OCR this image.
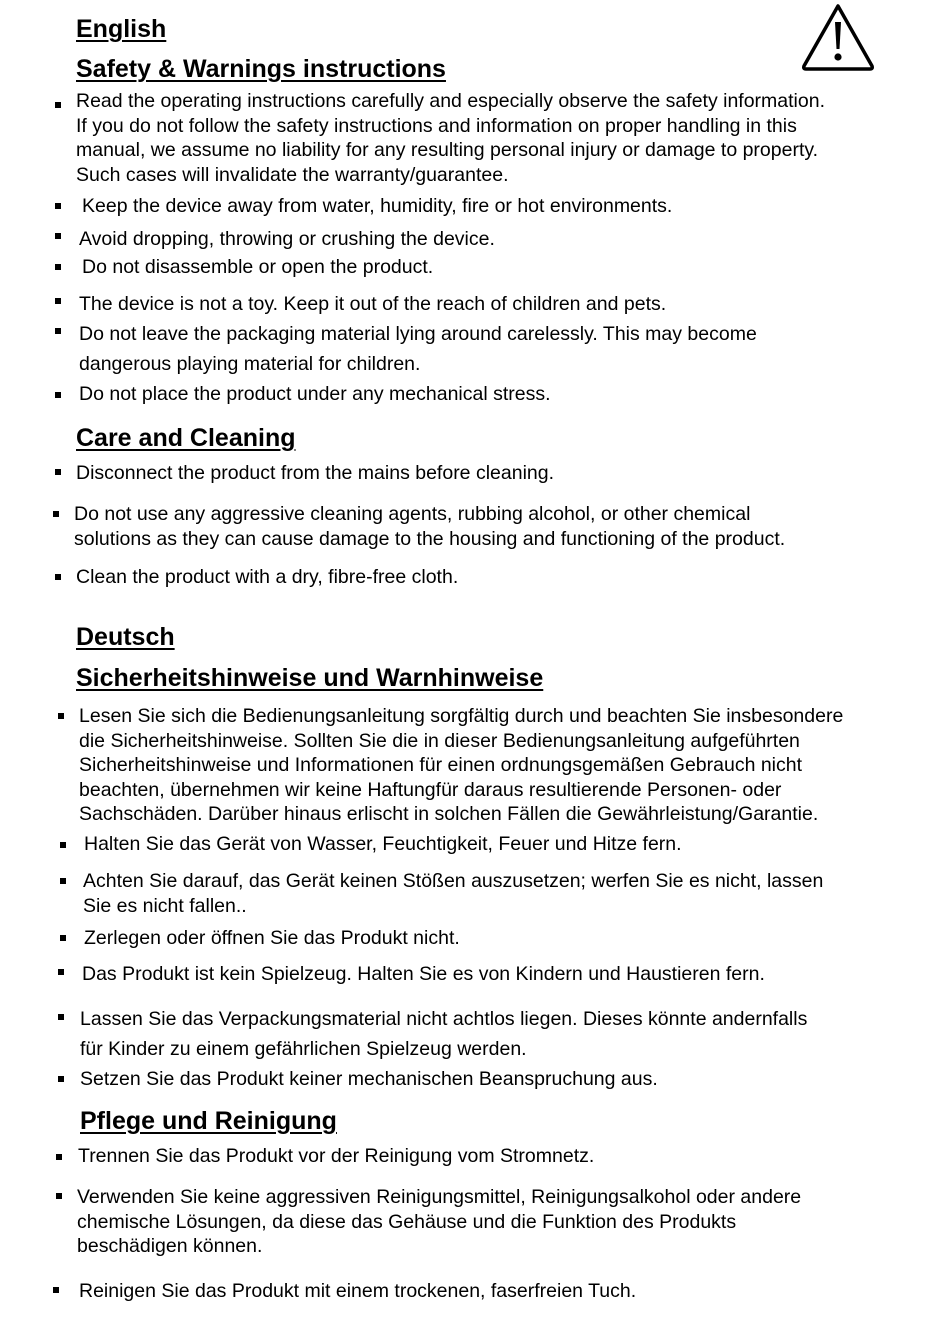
English
Safety & Warnings instructions

Read the operating instructions carefully and especially observe the safety information.
If you do not follow the safety instructions and information on proper handling in this
manual, we assume no liability for any resulting personal injury or damage to property.
Such cases will invalidate the warranty/guarantee.

Keep the device away from water, humidity, fire or hot environments.

Avoid dropping, throwing or crushing the device.

Do not disassemble or open the product.

The device is not a toy. Keep it out of the reach of children and pets.

Do not leave the packaging material lying around carelessly. This may become
dangerous playing material for children.

Do not place the product under any mechanical stress.

Care and Cleaning

Disconnect the product from the mains before cleaning.

Do not use any aggressive cleaning agents, rubbing alcohol, or other chemical
solutions as they can cause damage to the housing and functioning of the product.

Clean the product with a dry, fibre-free cloth.

Deutsch
Sicherheitshinweise und Warnhinweise

Lesen Sie sich die Bedienungsanleitung sorgfältig durch und beachten Sie insbesondere
die Sicherheitshinweise. Sollten Sie die in dieser Bedienungsanleitung aufgeführten
Sicherheitshinweise und Informationen für einen ordnungsgemäßen Gebrauch nicht
beachten, übernehmen wir keine Haftungfür daraus resultierende Personen- oder
Sachschäden. Darüber hinaus erlischt in solchen Fällen die Gewährleistung/Garantie.

Halten Sie das Gerät von Wasser, Feuchtigkeit, Feuer und Hitze fern.

Achten Sie darauf, das Gerät keinen Stößen auszusetzen; werfen Sie es nicht, lassen
Sie es nicht fallen..

Zerlegen oder öffnen Sie das Produkt nicht.

Das Produkt ist kein Spielzeug. Halten Sie es von Kindern und Haustieren fern.

Lassen Sie das Verpackungsmaterial nicht achtlos liegen. Dieses könnte andernfalls
für Kinder zu einem gefährlichen Spielzeug werden.

Setzen Sie das Produkt keiner mechanischen Beanspruchung aus.

Pflege und Reinigung

Trennen Sie das Produkt vor der Reinigung vom Stromnetz.

Verwenden Sie keine aggressiven Reinigungsmittel, Reinigungsalkohol oder andere
chemische Lösungen, da diese das Gehäuse und die Funktion des Produkts
beschädigen können.

Reinigen Sie das Produkt mit einem trockenen, faserfreien Tuch.
